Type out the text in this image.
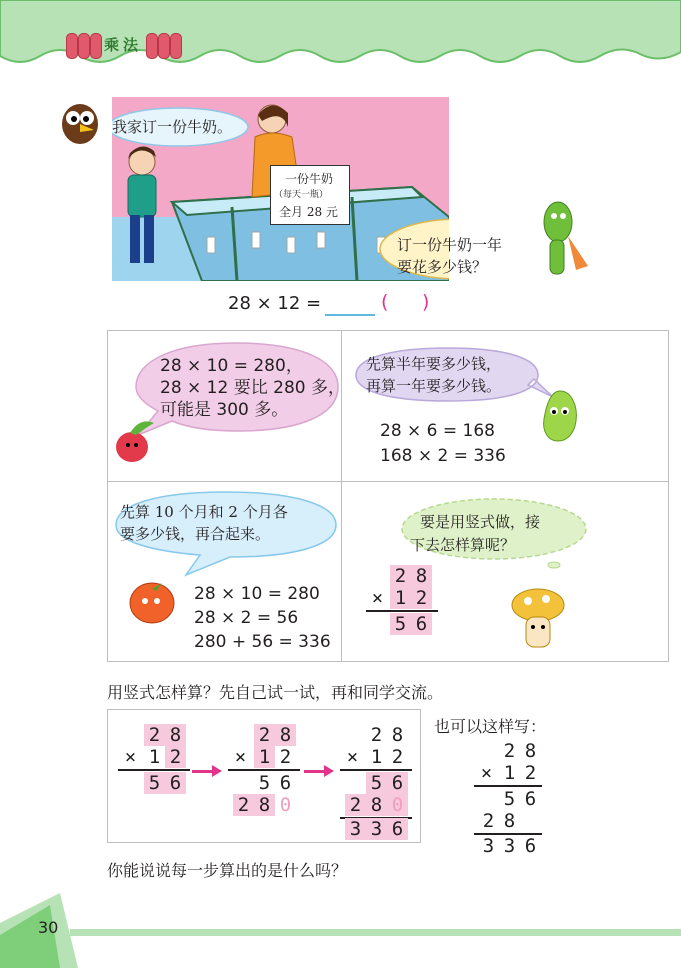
乘法
我家订一份牛奶。
一份牛奶
（每天一瓶）
全月 28 元
订一份牛奶一年
要花多少钱？
28 × 12 =	( )
28 × 10 = 280，
28 × 12 要比 280 多，
可能是 300 多。
先算半年要多少钱，
再算一年要多少钱。
28 × 6 = 168
168 × 2 = 336
先算 10 个月和 2 个月各
要多少钱，再合起来。
28 × 10 = 280
28 × 2 = 56
280 + 56 = 336
要是用竖式做，接
下去怎样算呢？
2 8
× 1 2
5 6
用竖式怎样算？先自己试一试，再和同学交流。
2 8
× 1 2
5 6
2 8
× 1 2
5 6
2 8 0
2 8
× 1 2
5 6
2 8 0
3 3 6
也可以这样写：
2 8
× 1 2
5 6
2 8
3 3 6
你能说说每一步算出的是什么吗？
30
